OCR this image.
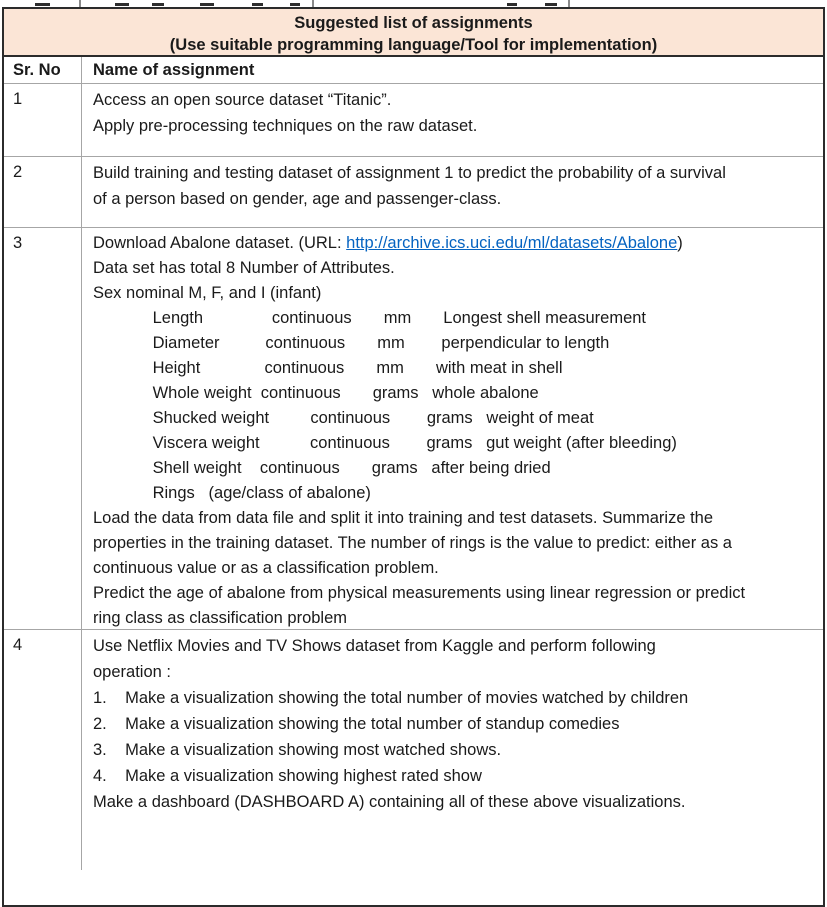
Suggested list of assignments
(Use suitable programming language/Tool for implementation)
Sr. No	Name of assignment
1	Access an open source dataset “Titanic”.
Apply pre-processing techniques on the raw dataset.
2	Build training and testing dataset of assignment 1 to predict the probability of a survival
of a person based on gender, age and passenger-class.
3	Download Abalone dataset. (URL: http://archive.ics.uci.edu/ml/datasets/Abalone)
Data set has total 8 Number of Attributes.
Sex nominal M, F, and I (infant)
Length               continuous       mm       Longest shell measurement
Diameter          continuous       mm        perpendicular to length
Height              continuous       mm       with meat in shell
Whole weight  continuous       grams   whole abalone
Shucked weight         continuous        grams   weight of meat
Viscera weight           continuous        grams   gut weight (after bleeding)
Shell weight    continuous       grams   after being dried
Rings   (age/class of abalone)
Load the data from data file and split it into training and test datasets. Summarize the
properties in the training dataset. The number of rings is the value to predict: either as a
continuous value or as a classification problem.
Predict the age of abalone from physical measurements using linear regression or predict
ring class as classification problem
4	Use Netflix Movies and TV Shows dataset from Kaggle and perform following
operation :
1.    Make a visualization showing the total number of movies watched by children
2.    Make a visualization showing the total number of standup comedies
3.    Make a visualization showing most watched shows.
4.    Make a visualization showing highest rated show
Make a dashboard (DASHBOARD A) containing all of these above visualizations.
